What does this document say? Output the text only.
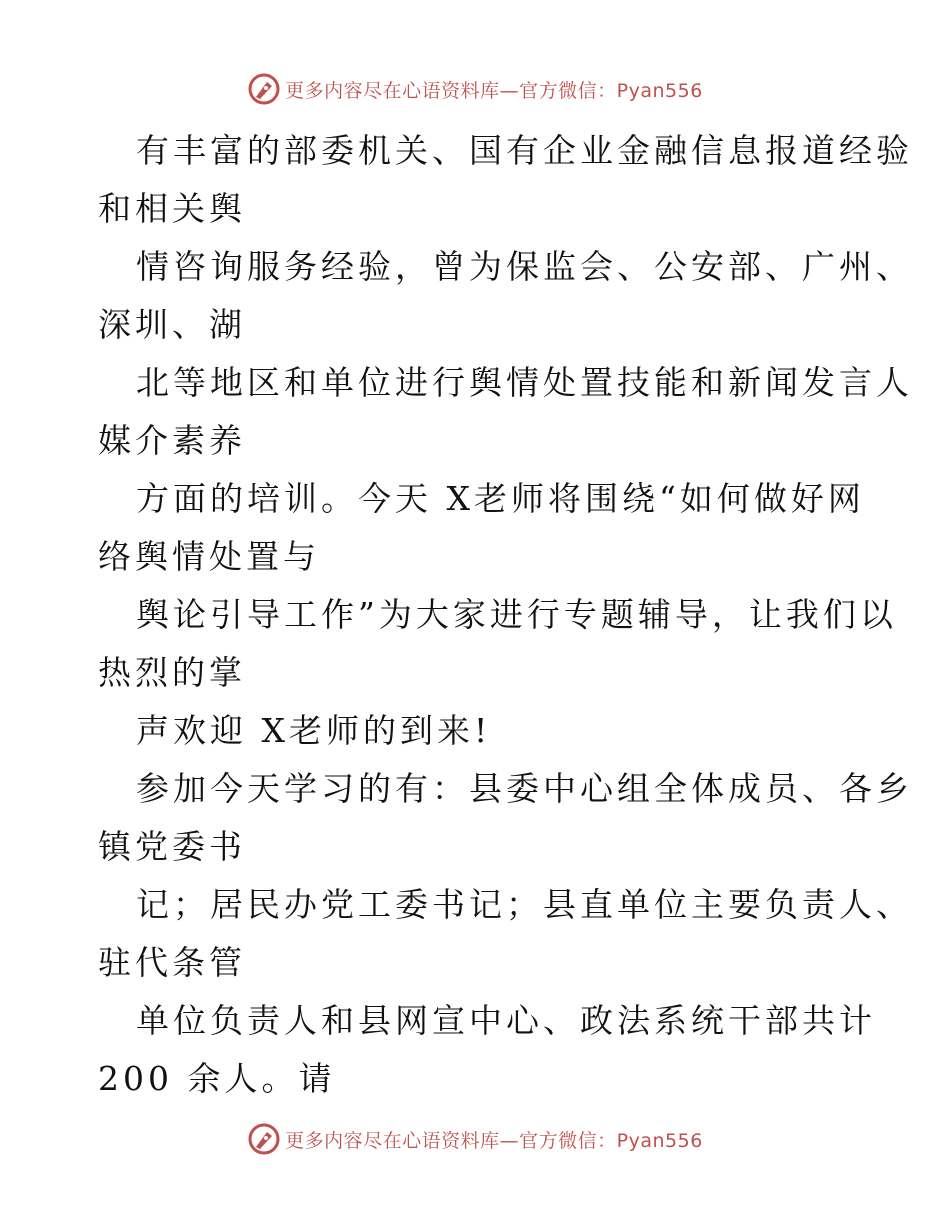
更多内容尽在心语资料库—官方微信：Pyan556
有丰富的部委机关、国有企业金融信息报道经验
和相关舆
情咨询服务经验，曾为保监会、公安部、广州、
深圳、湖
北等地区和单位进行舆情处置技能和新闻发言人
媒介素养
方面的培训。今天 X老师将围绕“如何做好网
络舆情处置与
舆论引导工作”为大家进行专题辅导，让我们以
热烈的掌
声欢迎 X老师的到来!
参加今天学习的有：县委中心组全体成员、各乡
镇党委书
记；居民办党工委书记；县直单位主要负责人、
驻代条管
单位负责人和县网宣中心、政法系统干部共计
200 余人。请
更多内容尽在心语资料库—官方微信：Pyan556
